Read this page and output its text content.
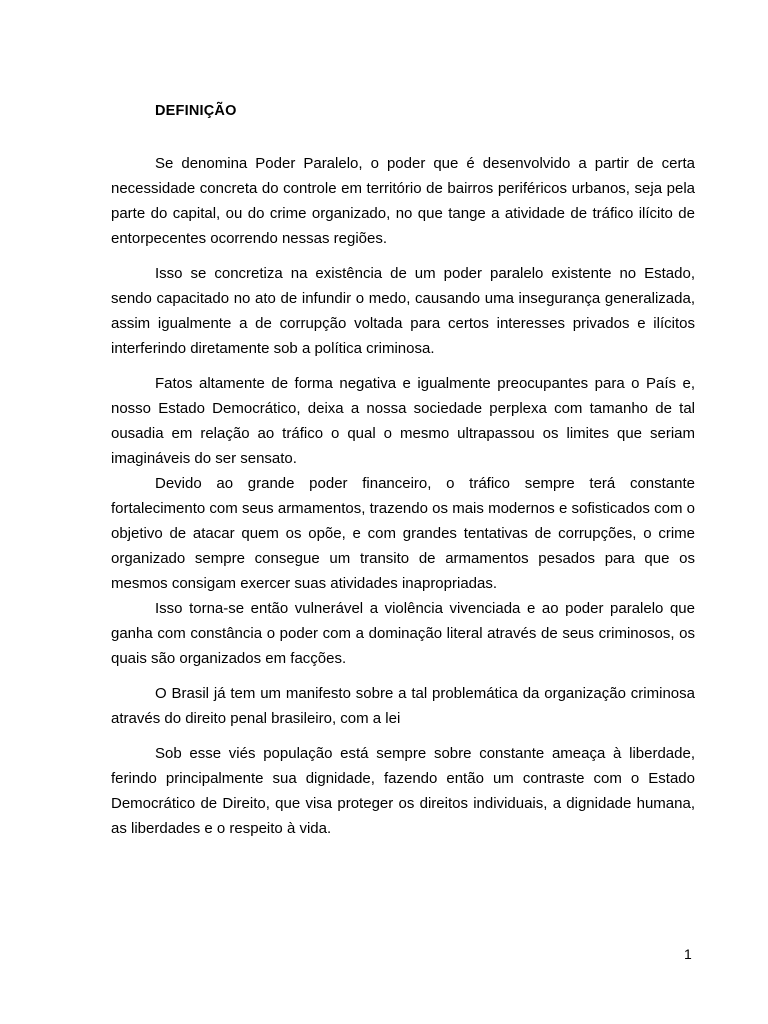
DEFINIÇÃO

Se denomina Poder Paralelo, o poder que é desenvolvido a partir de certa necessidade concreta do controle em território de bairros periféricos urbanos, seja pela parte do capital, ou do crime organizado, no que tange a atividade de tráfico ilícito de entorpecentes ocorrendo nessas regiões.

Isso se concretiza na existência de um poder paralelo existente no Estado, sendo capacitado no ato de infundir o medo, causando uma insegurança generalizada, assim igualmente a de corrupção voltada para certos interesses privados e ilícitos interferindo diretamente sob a política criminosa.

Fatos altamente de forma negativa e igualmente preocupantes para o País e, nosso Estado Democrático, deixa a nossa sociedade perplexa com tamanho de tal ousadia em relação ao tráfico o qual o mesmo ultrapassou os limites que seriam imagináveis do ser sensato.

Devido ao grande poder financeiro, o tráfico sempre terá constante fortalecimento com seus armamentos, trazendo os mais modernos e sofisticados com o objetivo de atacar quem os opõe, e com grandes tentativas de corrupções, o crime organizado sempre consegue um transito de armamentos pesados para que os mesmos consigam exercer suas atividades inapropriadas.

Isso torna-se então vulnerável a violência vivenciada e ao poder paralelo que ganha com constância o poder com a dominação literal através de seus criminosos, os quais são organizados em facções.

O Brasil já tem um manifesto sobre a tal problemática da organização criminosa através do direito penal brasileiro, com a lei

Sob esse viés população está sempre sobre constante ameaça à liberdade, ferindo principalmente sua dignidade, fazendo então um contraste com o Estado Democrático de Direito, que visa proteger os direitos individuais, a dignidade humana, as liberdades e o respeito à vida.

1
